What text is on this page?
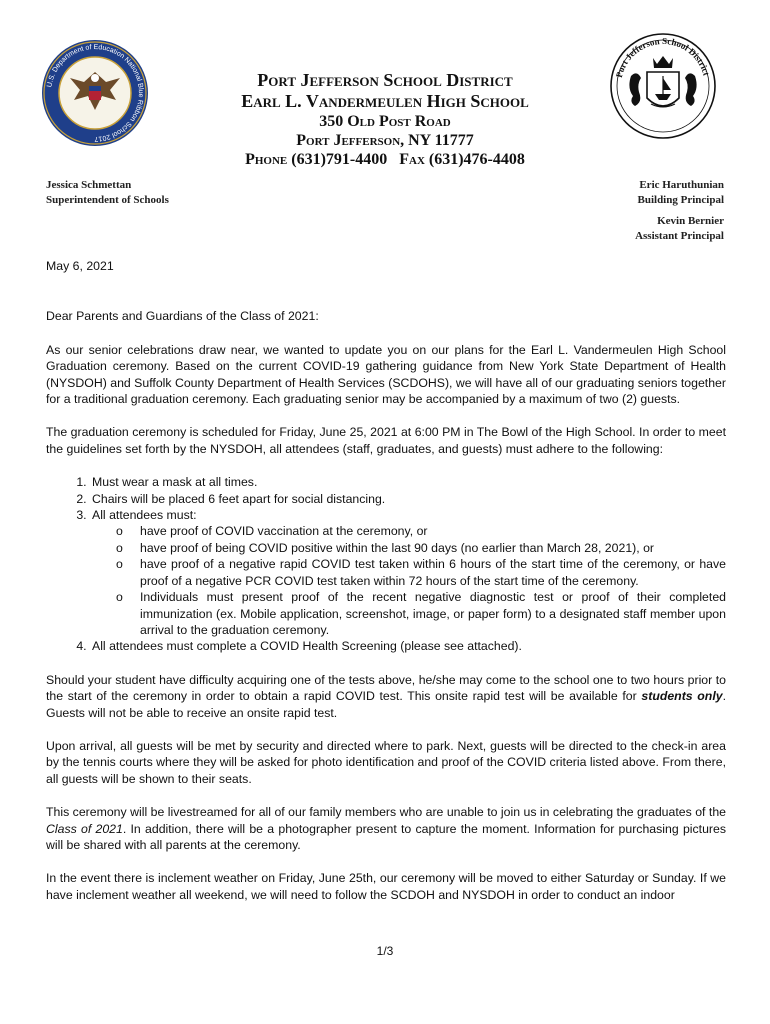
U.S. Department of Education National Blue Ribbon School 2017
Port Jefferson School District
Port Jefferson School District
Earl L. Vandermeulen High School
350 Old Post Road
Port Jefferson, NY 11777
Phone (631)791-4400   Fax (631)476-4408
Jessica Schmettan
Superintendent of Schools
Eric Haruthunian
Building Principal
Kevin Bernier
Assistant Principal

May 6, 2021

Dear Parents and Guardians of the Class of 2021:

As our senior celebrations draw near, we wanted to update you on our plans for the Earl L. Vandermeulen High School Graduation ceremony. Based on the current COVID-19 gathering guidance from New York State Department of Health (NYSDOH) and Suffolk County Department of Health Services (SCDOHS), we will have all of our graduating seniors together for a traditional graduation ceremony. Each graduating senior may be accompanied by a maximum of two (2) guests.

The graduation ceremony is scheduled for Friday, June 25, 2021 at 6:00 PM in The Bowl of the High School. In order to meet the guidelines set forth by the NYSDOH, all attendees (staff, graduates, and guests) must adhere to the following:

1. Must wear a mask at all times.
2. Chairs will be placed 6 feet apart for social distancing.
3. All attendees must:
o have proof of COVID vaccination at the ceremony, or
o have proof of being COVID positive within the last 90 days (no earlier than March 28, 2021), or
o have proof of a negative rapid COVID test taken within 6 hours of the start time of the ceremony, or have proof of a negative PCR COVID test taken within 72 hours of the start time of the ceremony.
o Individuals must present proof of the recent negative diagnostic test or proof of their completed immunization (ex. Mobile application, screenshot, image, or paper form) to a designated staff member upon arrival to the graduation ceremony.
4. All attendees must complete a COVID Health Screening (please see attached).

Should your student have difficulty acquiring one of the tests above, he/she may come to the school one to two hours prior to the start of the ceremony in order to obtain a rapid COVID test. This onsite rapid test will be available for students only. Guests will not be able to receive an onsite rapid test.

Upon arrival, all guests will be met by security and directed where to park. Next, guests will be directed to the check-in area by the tennis courts where they will be asked for photo identification and proof of the COVID criteria listed above. From there, all guests will be shown to their seats.

This ceremony will be livestreamed for all of our family members who are unable to join us in celebrating the graduates of the Class of 2021. In addition, there will be a photographer present to capture the moment. Information for purchasing pictures will be shared with all parents at the ceremony.

In the event there is inclement weather on Friday, June 25th, our ceremony will be moved to either Saturday or Sunday. If we have inclement weather all weekend, we will need to follow the SCDOH and NYSDOH in order to conduct an indoor

1/3
